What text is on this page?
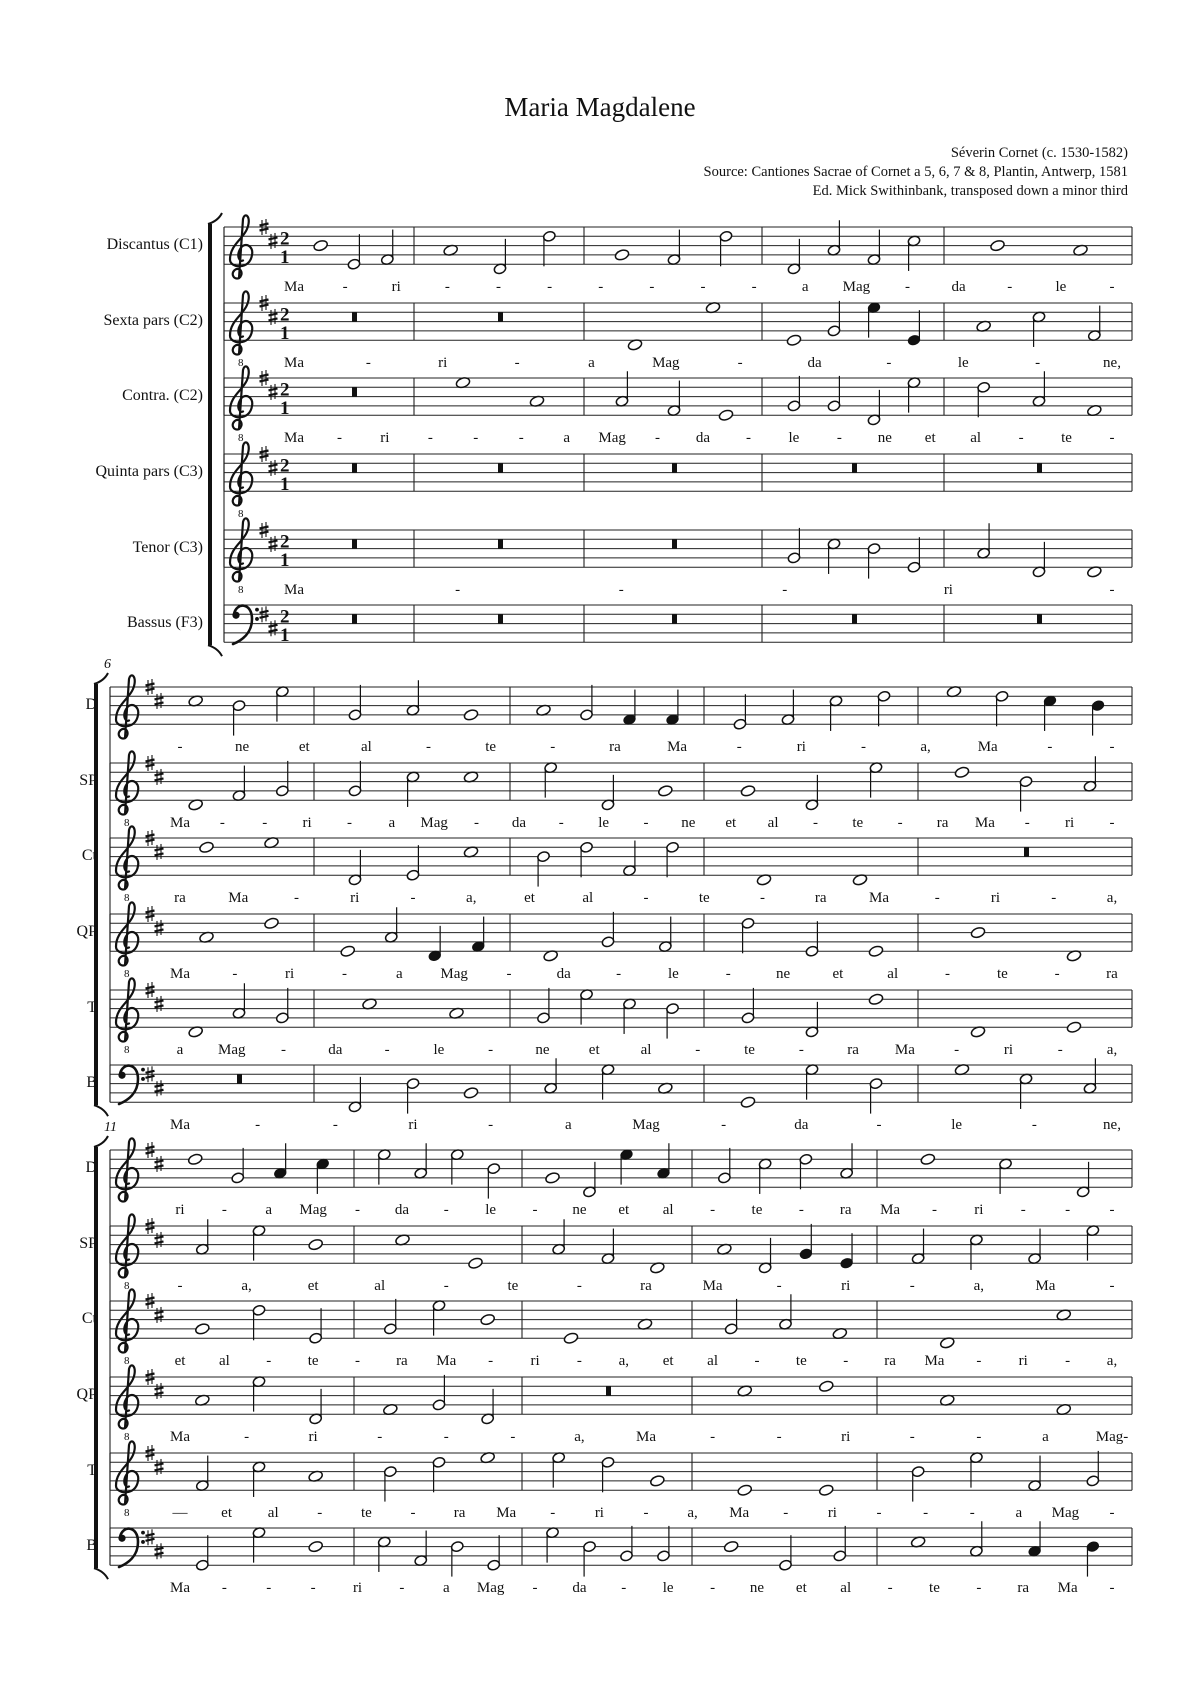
Maria Magdalene
Séverin Cornet (c. 1530-1582)
Source: Cantiones Sacrae of Cornet a 5, 6, 7 & 8, Plantin, Antwerp, 1581
Ed. Mick Swithinbank, transposed down a minor third
Discantus (C1)
Sexta pars (C2)
Contra. (C2)
Quinta pars (C3)
Tenor (C3)
Bassus (F3)
6
D
SP
Ct
QP
T
B
11
D
SP
Ct
QP
T
B
2
1
Ma	-	ri	-	-	-	-	-	-	-	a Mag -	da	-	le	-
8
2
1
Ma	-	ri	-	a	Mag	-	da	-	le	-	ne,
8
2
1
Ma -	ri	-	-	-	a Mag - da -	le	- ne et al	-	te	-
8
2
1
8
2
1
Ma	-	-	-	ri	-
2
1
-	ne	et	al	-	te	-	ra	Ma	-	ri	-	a,	Ma	-	-
8	Ma - - ri - a Mag - da - le - ne et al - te - ra Ma - ri -
8	ra	Ma	-	ri	-	a,	et	al	-	te	-	ra	Ma	-	ri	-	a,
8	Ma	-	ri	-	a	Mag	-	da	-	le	-	ne	et	al	-	te	-	ra
8	a Mag -	da	-	le	-	ne	et	al	-	te	-	ra Ma	-	ri	-	a,
Ma	-	-	ri	-	a	Mag	-	da	-	le	-	ne,
ri -	a Mag - da - le - ne et al - te - ra Ma - ri -	-	-
8	-	a,	et	al	-	te	-	ra	Ma	-	ri	-	a,	Ma	-
8	et al - te - ra Ma - ri - a, et al - te - ra Ma - ri - a,
8	Ma	-	ri	-	-	-	a,	Ma	-	-	ri	-	-	a	Mag-
8	— et al	-	te	-	ra Ma -	ri	-	a, Ma -	ri	-	-	-	a Mag -
Ma -	-	- ri -	a Mag - da - le - ne et al - te - ra Ma -
